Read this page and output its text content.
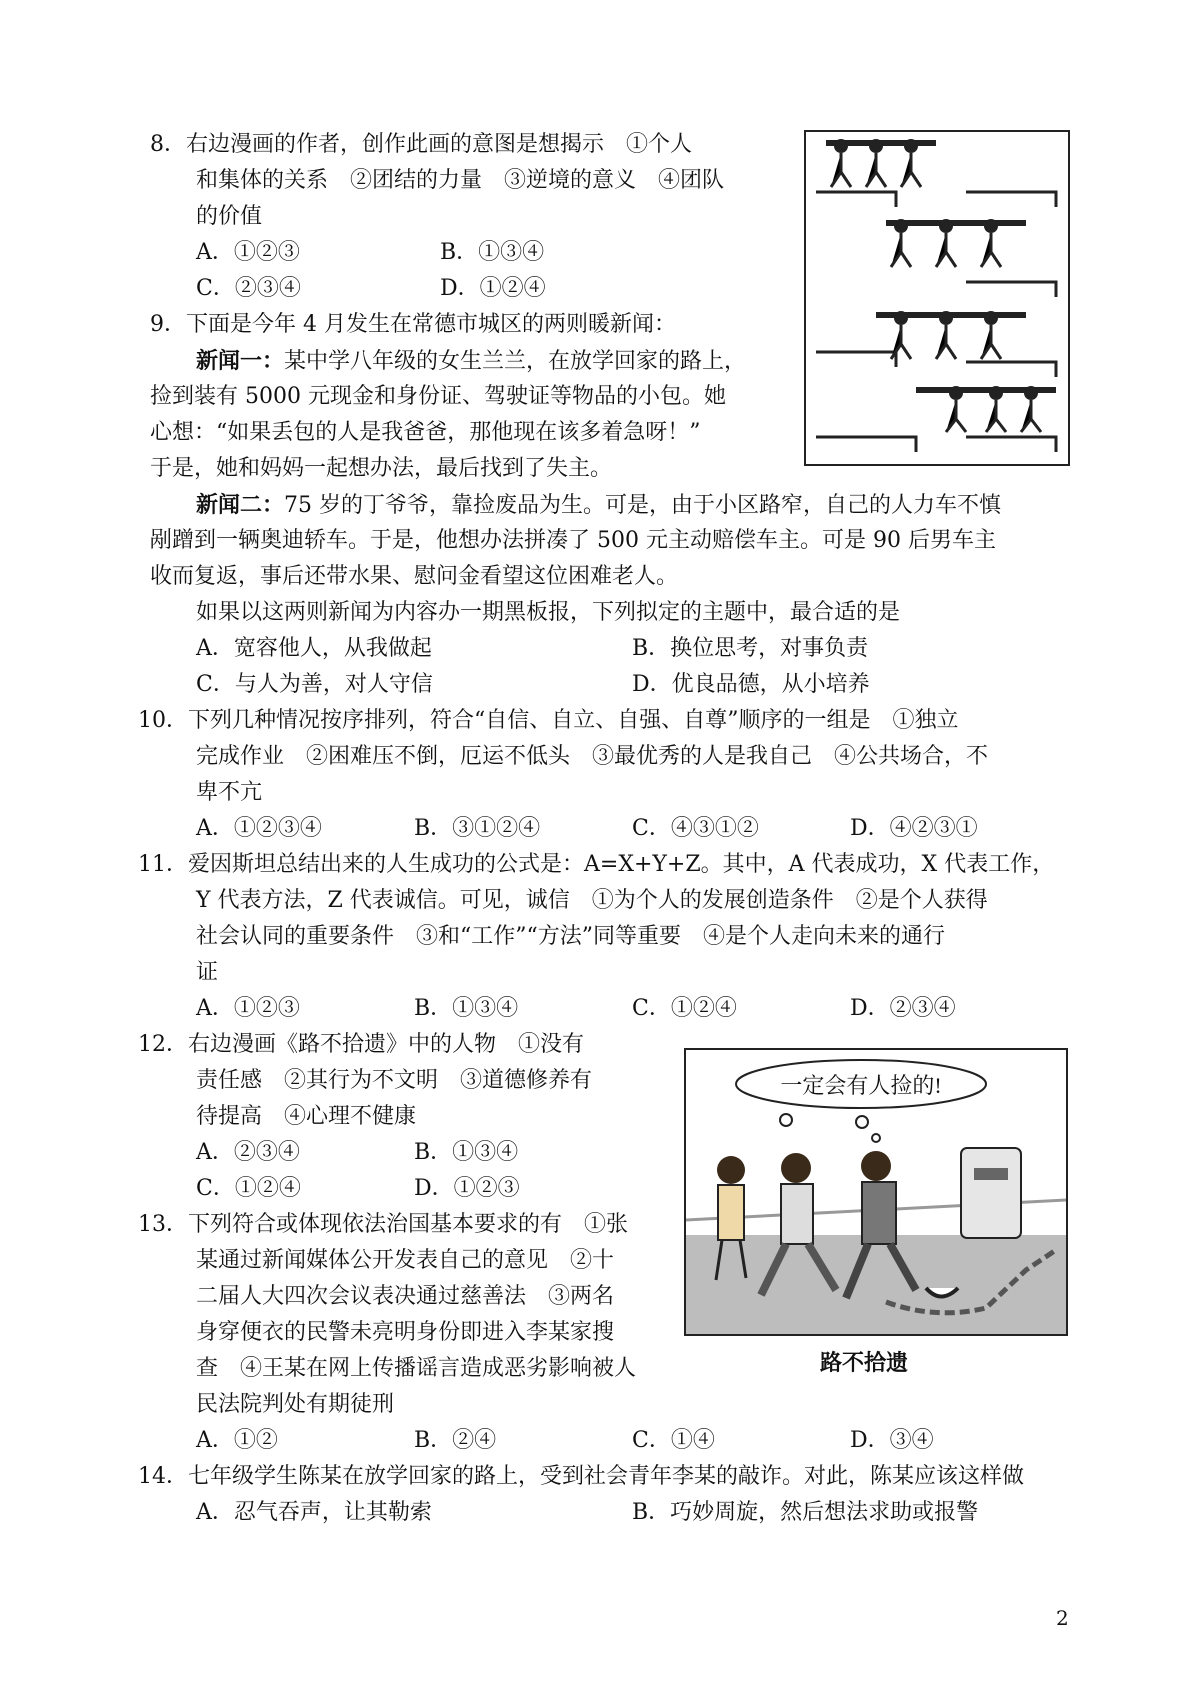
8．右边漫画的作者，创作此画的意图是想揭示　①个人
和集体的关系　②团结的力量　③逆境的意义　④团队
的价值
A．①②③	B．①③④
C．②③④	D．①②④
9．下面是今年 4 月发生在常德市城区的两则暖新闻：
新闻一：某中学八年级的女生兰兰，在放学回家的路上，
捡到装有 5000 元现金和身份证、驾驶证等物品的小包。她
心想：“如果丢包的人是我爸爸，那他现在该多着急呀！”
于是，她和妈妈一起想办法，最后找到了失主。
新闻二：75 岁的丁爷爷，靠捡废品为生。可是，由于小区路窄，自己的人力车不慎
剐蹭到一辆奥迪轿车。于是，他想办法拼凑了 500 元主动赔偿车主。可是 90 后男车主
收而复返，事后还带水果、慰问金看望这位困难老人。
如果以这两则新闻为内容办一期黑板报，下列拟定的主题中，最合适的是
A．宽容他人，从我做起	B．换位思考，对事负责
C．与人为善，对人守信	D．优良品德，从小培养
10．下列几种情况按序排列，符合“自信、自立、自强、自尊”顺序的一组是　①独立
完成作业　②困难压不倒，厄运不低头　③最优秀的人是我自己　④公共场合，不
卑不亢
A．①②③④	B．③①②④	C．④③①②	D．④②③①
11．爱因斯坦总结出来的人生成功的公式是：A=X+Y+Z。其中，A 代表成功，X 代表工作，
Y 代表方法，Z 代表诚信。可见，诚信　①为个人的发展创造条件　②是个人获得
社会认同的重要条件　③和“工作”“方法”同等重要　④是个人走向未来的通行
证
A．①②③	B．①③④	C．①②④	D．②③④
12．右边漫画《路不拾遗》中的人物　①没有
责任感　②其行为不文明　③道德修养有
待提高　④心理不健康
A．②③④	B．①③④
C．①②④	D．①②③
一定会有人捡的!
路不拾遗
13．下列符合或体现依法治国基本要求的有　①张
某通过新闻媒体公开发表自己的意见　②十
二届人大四次会议表决通过慈善法　③两名
身穿便衣的民警未亮明身份即进入李某家搜
查　④王某在网上传播谣言造成恶劣影响被人
民法院判处有期徒刑
A．①②	B．②④	C．①④	D．③④
14．七年级学生陈某在放学回家的路上，受到社会青年李某的敲诈。对此，陈某应该这样做
A．忍气吞声，让其勒索	B．巧妙周旋，然后想法求助或报警
2
